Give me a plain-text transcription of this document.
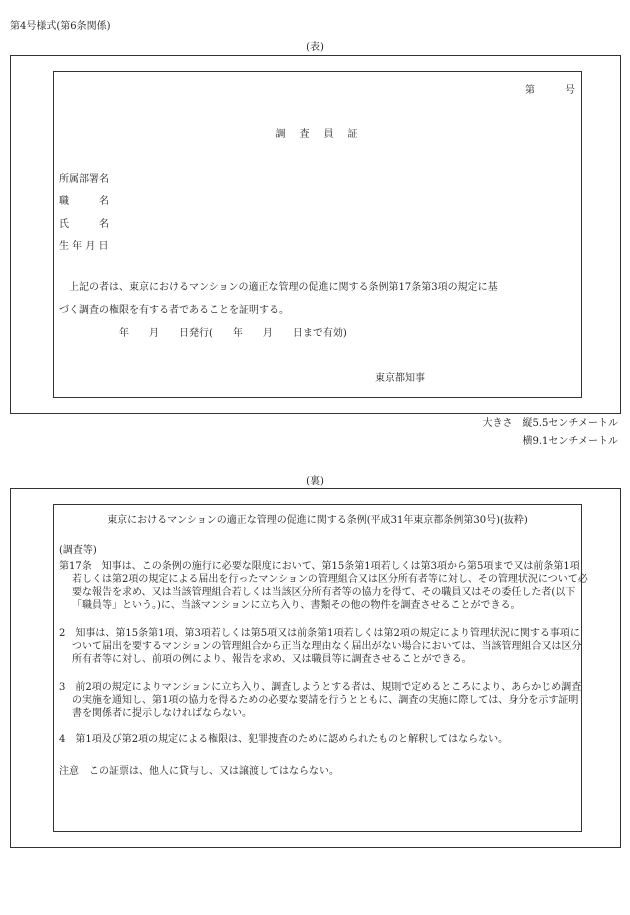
第4号様式(第6条関係)
(表)
第　　　号
調　査　員　証
所属部署名
職　　　名
氏　　　名
生 年 月 日
上記の者は、東京におけるマンションの適正な管理の促進に関する条例第17条第3項の規定に基
づく調査の権限を有する者であることを証明する。
年　　月　　日発行(　　年　　月　　日まで有効)
東京都知事
大きさ　縦5.5センチメートル
横9.1センチメートル
(裏)
東京におけるマンションの適正な管理の促進に関する条例(平成31年東京都条例第30号)(抜粋)
(調査等)
第17条　知事は、この条例の施行に必要な限度において、第15条第1項若しくは第3項から第5項まで又は前条第1項若しくは第2項の規定による届出を行ったマンションの管理組合又は区分所有者等に対し、その管理状況について必要な報告を求め、又は当該管理組合若しくは当該区分所有者等の協力を得て、その職員又はその委任した者(以下「職員等」という。)に、当該マンションに立ち入り、書類その他の物件を調査させることができる。
2　知事は、第15条第1項、第3項若しくは第5項又は前条第1項若しくは第2項の規定により管理状況に関する事項について届出を要するマンションの管理組合から正当な理由なく届出がない場合においては、当該管理組合又は区分所有者等に対し、前項の例により、報告を求め、又は職員等に調査させることができる。
3　前2項の規定によりマンションに立ち入り、調査しようとする者は、規則で定めるところにより、あらかじめ調査の実施を通知し、第1項の協力を得るための必要な要請を行うとともに、調査の実施に際しては、身分を示す証明書を関係者に提示しなければならない。
4　第1項及び第2項の規定による権限は、犯罪捜査のために認められたものと解釈してはならない。
注意　この証票は、他人に貸与し、又は譲渡してはならない。
